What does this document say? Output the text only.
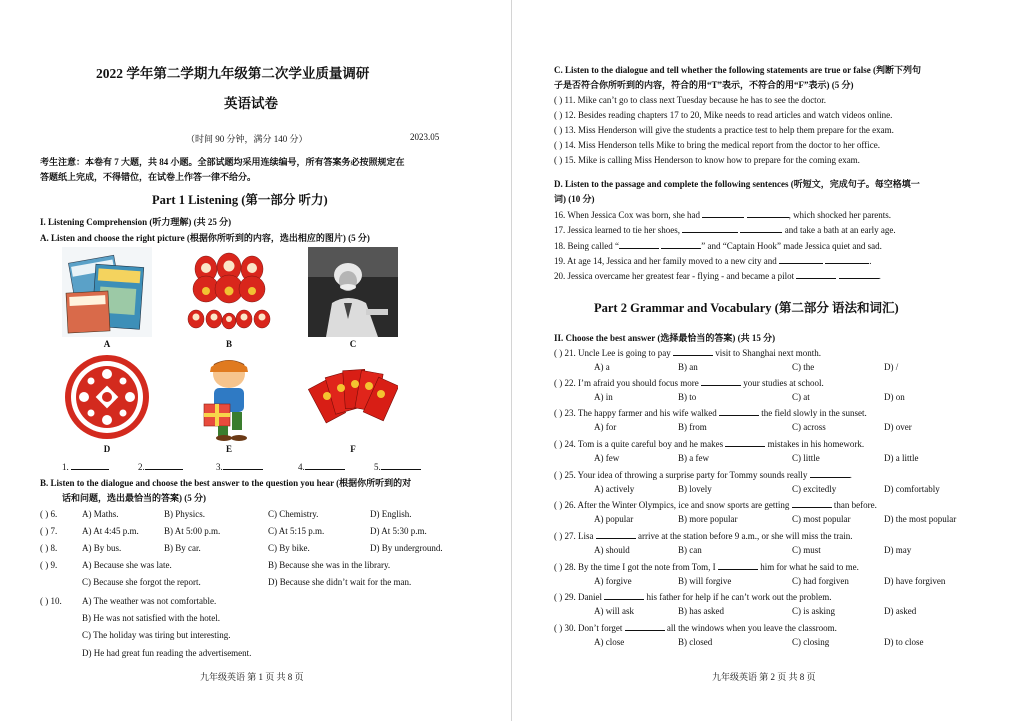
2022 学年第二学期九年级第二次学业质量调研
英语试卷
（时间 90 分钟，满分 140 分）	2023.05
考生注意：本卷有 7 大题，共 84 小题。全部试题均采用连续编号，所有答案务必按照规定在
答题纸上完成，不得错位，在试卷上作答一律不给分。
Part 1 Listening (第一部分 听力)
I. Listening Comprehension (听力理解) (共 25 分)
A. Listen and choose the right picture (根据你所听到的内容，选出相应的图片) (5 分)
A	B	C
D	E	F
1.	2.	3.	4.	5.
B. Listen to the dialogue and choose the best answer to the question you hear (根据你所听到的对
话和问题，选出最恰当的答案) (5 分)
( ) 6.	A) Maths.	B) Physics.	C) Chemistry.	D) English.
( ) 7.	A) At 4:45 p.m.	B) At 5:00 p.m.	C) At 5:15 p.m.	D) At 5:30 p.m.
( ) 8.	A) By bus.	B) By car.	C) By bike.	D) By underground.
( ) 9.	A) Because she was late.	B) Because she was in the library.
C) Because she forgot the report.	D) Because she didn’t wait for the man.
( ) 10. A) The weather was not comfortable.
B) He was not satisfied with the hotel.
C) The holiday was tiring but interesting.
D) He had great fun reading the advertisement.
九年级英语 第 1 页 共 8 页
C. Listen to the dialogue and tell whether the following statements are true or false (判断下列句
子是否符合你所听到的内容，符合的用“T”表示，不符合的用“F”表示) (5 分)
( ) 11. Mike can’t go to class next Tuesday because he has to see the doctor.
( ) 12. Besides reading chapters 17 to 20, Mike needs to read articles and watch videos online.
( ) 13. Miss Henderson will give the students a practice test to help them prepare for the exam.
( ) 14. Miss Henderson tells Mike to bring the medical report from the doctor to her office.
( ) 15. Mike is calling Miss Henderson to know how to prepare for the coming exam.
D. Listen to the passage and complete the following sentences (听短文，完成句子。每空格填一
词) (10 分)
16. When Jessica Cox was born, she had	, which shocked her parents.
17. Jessica learned to tie her shoes,	and take a bath at an early age.
18. Being called “	” and “Captain Hook” made Jessica quiet and sad.
19. At age 14, Jessica and her family moved to a new city and	.
20. Jessica overcame her greatest fear - flying - and became a pilot	.
Part 2 Grammar and Vocabulary (第二部分 语法和词汇)
II. Choose the best answer (选择最恰当的答案) (共 15 分)
( ) 21. Uncle Lee is going to pay	visit to Shanghai next month.
A) a	B) an	C) the	D) /
( ) 22. I’m afraid you should focus more	your studies at school.
A) in	B) to	C) at	D) on
( ) 23. The happy farmer and his wife walked	the field slowly in the sunset.
A) for	B) from	C) across	D) over
( ) 24. Tom is a quite careful boy and he makes	mistakes in his homework.
A) few	B) a few	C) little	D) a little
( ) 25. Your idea of throwing a surprise party for Tommy sounds really	.
A) actively	B) lovely	C) excitedly	D) comfortably
( ) 26. After the Winter Olympics, ice and snow sports are getting	than before.
A) popular	B) more popular	C) most popular	D) the most popular
( ) 27. Lisa	arrive at the station before 9 a.m., or she will miss the train.
A) should	B) can	C) must	D) may
( ) 28. By the time I got the note from Tom, I	him for what he said to me.
A) forgive	B) will forgive	C) had forgiven	D) have forgiven
( ) 29. Daniel	his father for help if he can’t work out the problem.
A) will ask	B) has asked	C) is asking	D) asked
( ) 30. Don’t forget	all the windows when you leave the classroom.
A) close	B) closed	C) closing	D) to close
九年级英语 第 2 页 共 8 页
